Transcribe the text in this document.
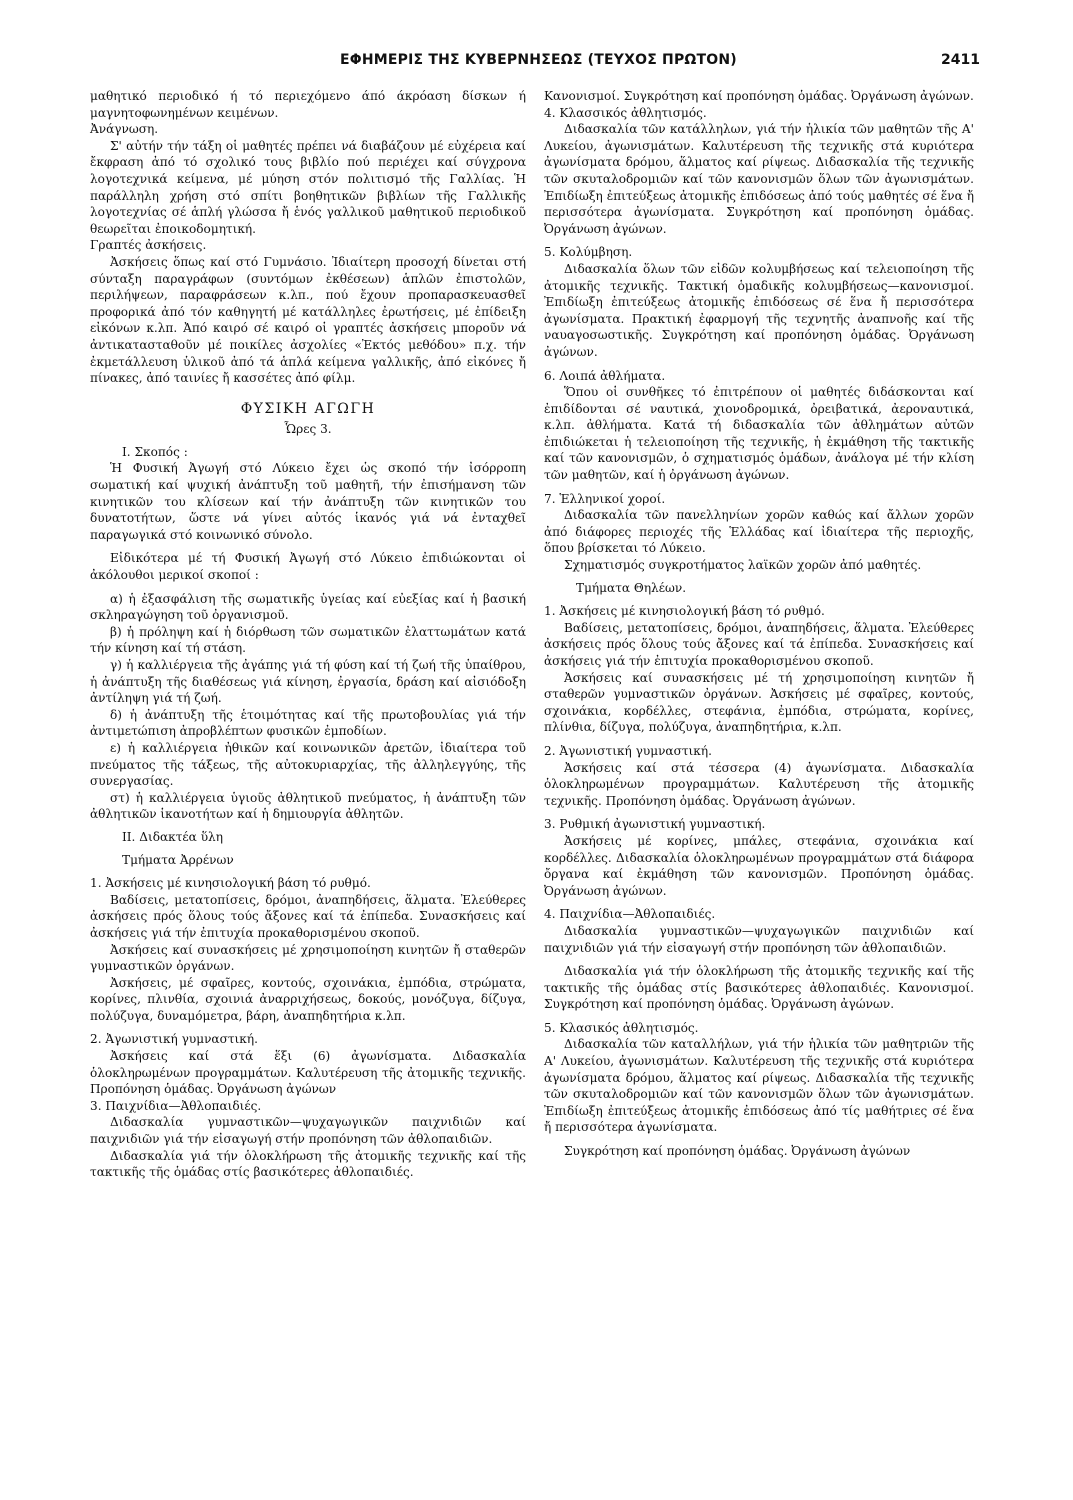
ΕΦΗΜΕΡΙΣ ΤΗΣ ΚΥΒΕΡΝΗΣΕΩΣ (ΤΕΥΧΟΣ ΠΡΩΤΟΝ)	2411

μαθητικό περιοδικό ή τό περιεχόμενο άπό άκρόαση δίσκων ή μαγνητοφωνημένων κειμένων.

Ἀνάγνωση.

Σ' αὐτήν τήν τάξη οἱ μαθητές πρέπει νά διαβάζουν μέ εὐχέρεια καί ἔκφραση ἀπό τό σχολικό τους βιβλίο πού περιέχει καί σύγχρονα λογοτεχνικά κείμενα, μέ μύηση στόν πολιτισμό τῆς Γαλλίας. Ἡ παράλληλη χρήση στό σπίτι βοηθητικῶν βιβλίων τῆς Γαλλικῆς λογοτεχνίας σέ ἁπλή γλώσσα ἤ ἑνός γαλλικοῦ μαθητικοῦ περιοδικοῦ θεωρεῖται ἐποικοδομητική.

Γραπτές ἀσκήσεις.

Ἀσκήσεις ὅπως καί στό Γυμνάσιο. Ἰδιαίτερη προσοχή δίνεται στή σύνταξη παραγράφων (συντόμων ἐκθέσεων) ἁπλῶν ἐπιστολῶν, περιλήψεων, παραφράσεων κ.λπ., πού ἔχουν προπαρασκευασθεῖ προφορικά ἀπό τόν καθηγητή μέ κατάλληλες ἐρωτήσεις, μέ ἐπίδειξη εἰκόνων κ.λπ. Ἀπό καιρό σέ καιρό οἱ γραπτές ἀσκήσεις μποροῦν νά ἀντικατασταθοῦν μέ ποικίλες ἀσχολίες «Ἐκτός μεθόδου» π.χ. τήν ἐκμετάλλευση ὑλικοῦ ἀπό τά ἁπλά κείμενα γαλλικῆς, ἀπό εἰκόνες ἤ πίνακες, ἀπό ταινίες ἤ κασσέτες ἀπό φίλμ.

ΦΥΣΙΚΗ ΑΓΩΓΗ

Ὧρες 3.

Ι. Σκοπός :

Ἡ Φυσική Ἀγωγή στό Λύκειο ἔχει ὡς σκοπό τήν ἰσόρροπη σωματική καί ψυχική ἀνάπτυξη τοῦ μαθητῆ, τήν ἐπισήμανση τῶν κινητικῶν του κλίσεων καί τήν ἀνάπτυξη τῶν κινητικῶν του δυνατοτήτων, ὥστε νά γίνει αὐτός ἱκανός γιά νά ἐνταχθεῖ παραγωγικά στό κοινωνικό σύνολο.

Εἰδικότερα μέ τή Φυσική Ἀγωγή στό Λύκειο ἐπιδιώκονται οἱ ἀκόλουθοι μερικοί σκοποί :

α) ἡ ἐξασφάλιση τῆς σωματικῆς ὑγείας καί εὐεξίας καί ἡ βασική σκληραγώγηση τοῦ ὀργανισμοῦ.

β) ἡ πρόληψη καί ἡ διόρθωση τῶν σωματικῶν ἐλαττωμάτων κατά τήν κίνηση καί τή στάση.

γ) ἡ καλλιέργεια τῆς ἀγάπης γιά τή φύση καί τή ζωή τῆς ὑπαίθρου, ἡ ἀνάπτυξη τῆς διαθέσεως γιά κίνηση, ἐργασία, δράση καί αἰσιόδοξη ἀντίληψη γιά τή ζωή.

δ) ἡ ἀνάπτυξη τῆς ἑτοιμότητας καί τῆς πρωτοβουλίας γιά τήν ἀντιμετώπιση ἀπροβλέπτων φυσικῶν ἐμποδίων.

ε) ἡ καλλιέργεια ἠθικῶν καί κοινωνικῶν ἀρετῶν, ἰδιαίτερα τοῦ πνεύματος τῆς τάξεως, τῆς αὐτοκυριαρχίας, τῆς ἀλληλεγγύης, τῆς συνεργασίας.

στ) ἡ καλλιέργεια ὑγιοῦς ἀθλητικοῦ πνεύματος, ἡ ἀνάπτυξη τῶν ἀθλητικῶν ἱκανοτήτων καί ἡ δημιουργία ἀθλητῶν.

ΙΙ. Διδακτέα ὕλη

Τμήματα Ἀρρένων

1. Ἀσκήσεις μέ κινησιολογική βάση τό ρυθμό.

Βαδίσεις, μετατοπίσεις, δρόμοι, ἀναπηδήσεις, ἅλματα. Ἐλεύθερες ἀσκήσεις πρός ὅλους τούς ἄξονες καί τά ἐπίπεδα. Συνασκήσεις καί ἀσκήσεις γιά τήν ἐπιτυχία προκαθορισμένου σκοποῦ.

Ἀσκήσεις καί συνασκήσεις μέ χρησιμοποίηση κινητῶν ἤ σταθερῶν γυμναστικῶν ὀργάνων.

Ἀσκήσεις, μέ σφαῖρες, κοντούς, σχοινάκια, ἐμπόδια, στρώματα, κορίνες, πλινθία, σχοινιά ἀναρριχήσεως, δοκούς, μονόζυγα, δίζυγα, πολύζυγα, δυναμόμετρα, βάρη, ἀναπηδητήρια κ.λπ.

2. Ἀγωνιστική γυμναστική.

Ἀσκήσεις καί στά ἕξι (6) ἀγωνίσματα. Διδασκαλία ὁλοκληρωμένων προγραμμάτων. Καλυτέρευση τῆς ἀτομικῆς τεχνικῆς. Προπόνηση ὁμάδας. Ὀργάνωση ἀγώνων

3. Παιχνίδια—Ἀθλοπαιδιές.

Διδασκαλία γυμναστικῶν—ψυχαγωγικῶν παιχνιδιῶν καί παιχνιδιῶν γιά τήν εἰσαγωγή στήν προπόνηση τῶν ἀθλοπαιδιῶν.

Διδασκαλία γιά τήν ὁλοκλήρωση τῆς ἀτομικῆς τεχνικῆς καί τῆς τακτικῆς τῆς ὁμάδας στίς βασικότερες ἀθλοπαιδιές.

Κανονισμοί. Συγκρότηση καί προπόνηση ὁμάδας. Ὀργάνωση ἀγώνων.

4. Κλασσικός ἀθλητισμός.

Διδασκαλία τῶν κατάλληλων, γιά τήν ἡλικία τῶν μαθητῶν τῆς Α' Λυκείου, ἀγωνισμάτων. Καλυτέρευση τῆς τεχνικῆς στά κυριότερα ἀγωνίσματα δρόμου, ἅλματος καί ρίψεως. Διδασκαλία τῆς τεχνικῆς τῶν σκυταλοδρομιῶν καί τῶν κανονισμῶν ὅλων τῶν ἀγωνισμάτων. Ἐπιδίωξη ἐπιτεύξεως ἀτομικῆς ἐπιδόσεως ἀπό τούς μαθητές σέ ἕνα ἤ περισσότερα ἀγωνίσματα. Συγκρότηση καί προπόνηση ὁμάδας. Ὀργάνωση ἀγώνων.

5. Κολύμβηση.

Διδασκαλία ὅλων τῶν εἰδῶν κολυμβήσεως καί τελειοποίηση τῆς ἀτομικῆς τεχνικῆς. Τακτική ὁμαδικῆς κολυμβήσεως—κανονισμοί. Ἐπιδίωξη ἐπιτεύξεως ἀτομικῆς ἐπιδόσεως σέ ἕνα ἤ περισσότερα ἀγωνίσματα. Πρακτική ἐφαρμογή τῆς τεχνητῆς ἀναπνοῆς καί τῆς ναυαγοσωστικῆς. Συγκρότηση καί προπόνηση ὁμάδας. Ὀργάνωση ἀγώνων.

6. Λοιπά ἀθλήματα.

Ὅπου οἱ συνθῆκες τό ἐπιτρέπουν οἱ μαθητές διδάσκονται καί ἐπιδίδονται σέ ναυτικά, χιονοδρομικά, ὀρειβατικά, ἀεροναυτικά, κ.λπ. ἀθλήματα. Κατά τή διδασκαλία τῶν ἀθλημάτων αὐτῶν ἐπιδιώκεται ἡ τελειοποίηση τῆς τεχνικῆς, ἡ ἐκμάθηση τῆς τακτικῆς καί τῶν κανονισμῶν, ὁ σχηματισμός ὁμάδων, ἀνάλογα μέ τήν κλίση τῶν μαθητῶν, καί ἡ ὀργάνωση ἀγώνων.

7. Ἑλληνικοί χοροί.

Διδασκαλία τῶν πανελληνίων χορῶν καθώς καί ἄλλων χορῶν ἀπό διάφορες περιοχές τῆς Ἑλλάδας καί ἰδιαίτερα τῆς περιοχῆς, ὅπου βρίσκεται τό Λύκειο.

Σχηματισμός συγκροτήματος λαϊκῶν χορῶν ἀπό μαθητές.

Τμήματα Θηλέων.

1. Ἀσκήσεις μέ κινησιολογική βάση τό ρυθμό.

Βαδίσεις, μετατοπίσεις, δρόμοι, ἀναπηδήσεις, ἅλματα. Ἐλεύθερες ἀσκήσεις πρός ὅλους τούς ἄξονες καί τά ἐπίπεδα. Συνασκήσεις καί ἀσκήσεις γιά τήν ἐπιτυχία προκαθορισμένου σκοποῦ.

Ἀσκήσεις καί συνασκήσεις μέ τή χρησιμοποίηση κινητῶν ἤ σταθερῶν γυμναστικῶν ὀργάνων. Ἀσκήσεις μέ σφαῖρες, κοντούς, σχοινάκια, κορδέλλες, στεφάνια, ἐμπόδια, στρώματα, κορίνες, πλίνθια, δίζυγα, πολύζυγα, ἀναπηδητήρια, κ.λπ.

2. Ἀγωνιστική γυμναστική.

Ἀσκήσεις καί στά τέσσερα (4) ἀγωνίσματα. Διδασκαλία ὁλοκληρωμένων προγραμμάτων. Καλυτέρευση τῆς ἀτομικῆς τεχνικῆς. Προπόνηση ὁμάδας. Ὀργάνωση ἀγώνων.

3. Ρυθμική ἀγωνιστική γυμναστική.

Ἀσκήσεις μέ κορίνες, μπάλες, στεφάνια, σχοινάκια καί κορδέλλες. Διδασκαλία ὁλοκληρωμένων προγραμμάτων στά διάφορα ὄργανα καί ἐκμάθηση τῶν κανονισμῶν. Προπόνηση ὁμάδας. Ὀργάνωση ἀγώνων.

4. Παιχνίδια—Ἀθλοπαιδιές.

Διδασκαλία γυμναστικῶν—ψυχαγωγικῶν παιχνιδιῶν καί παιχνιδιῶν γιά τήν εἰσαγωγή στήν προπόνηση τῶν ἀθλοπαιδιῶν.

Διδασκαλία γιά τήν ὁλοκλήρωση τῆς ἀτομικῆς τεχνικῆς καί τῆς τακτικῆς τῆς ὁμάδας στίς βασικότερες ἀθλοπαιδιές. Κανονισμοί. Συγκρότηση καί προπόνηση ὁμάδας. Ὀργάνωση ἀγώνων.

5. Κλασικός ἀθλητισμός.

Διδασκαλία τῶν καταλλήλων, γιά τήν ἡλικία τῶν μαθητριῶν τῆς Α' Λυκείου, ἀγωνισμάτων. Καλυτέρευση τῆς τεχνικῆς στά κυριότερα ἀγωνίσματα δρόμου, ἅλματος καί ρίψεως. Διδασκαλία τῆς τεχνικῆς τῶν σκυταλοδρομιῶν καί τῶν κανονισμῶν ὅλων τῶν ἀγωνισμάτων. Ἐπιδίωξη ἐπιτεύξεως ἀτομικῆς ἐπιδόσεως ἀπό τίς μαθήτριες σέ ἕνα ἤ περισσότερα ἀγωνίσματα.

Συγκρότηση καί προπόνηση ὁμάδας. Ὀργάνωση ἀγώνων
